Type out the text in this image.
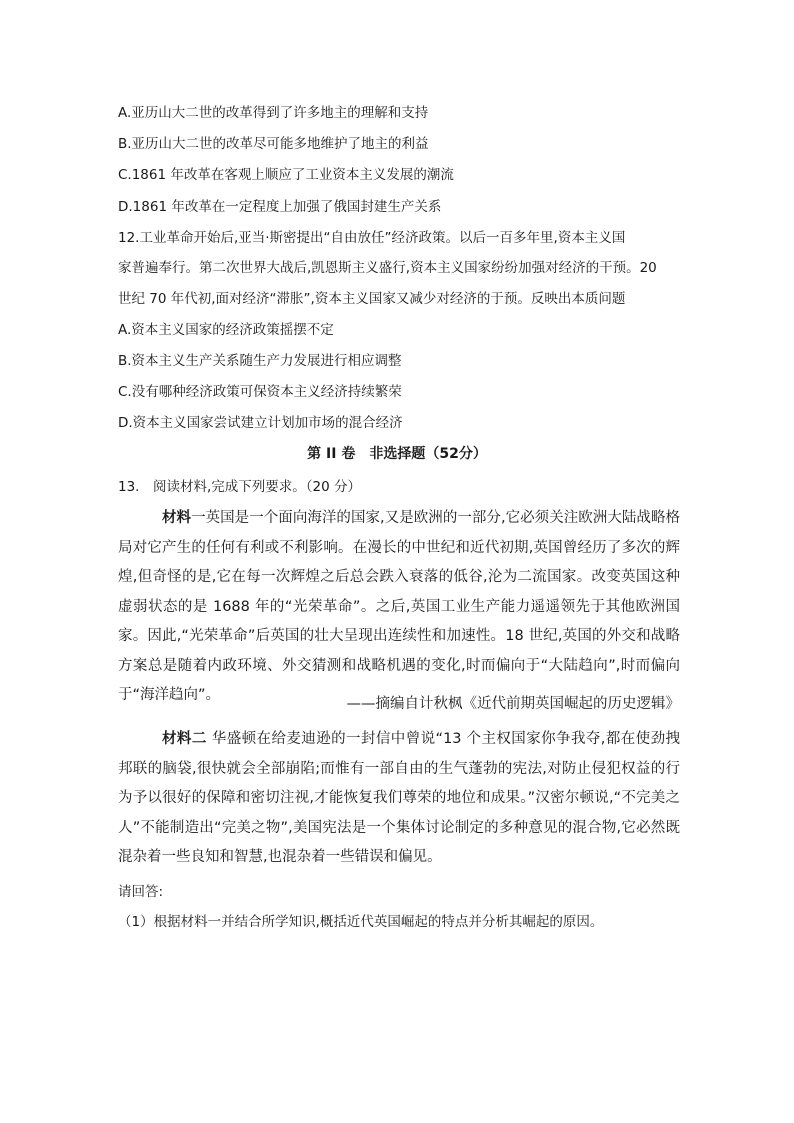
A.亚历山大二世的改革得到了许多地主的理解和支持
B.亚历山大二世的改革尽可能多地维护了地主的利益
C.1861 年改革在客观上顺应了工业资本主义发展的潮流
D.1861 年改革在一定程度上加强了俄国封建生产关系
12.工业革命开始后,亚当·斯密提出“自由放任”经济政策。以后一百多年里,资本主义国
家普遍奉行。第二次世界大战后,凯恩斯主义盛行,资本主义国家纷纷加强对经济的干预。20
世纪 70 年代初,面对经济“滞胀”,资本主义国家又减少对经济的于预。反映出本质问题
A.资本主义国家的经济政策摇摆不定
B.资本主义生产关系随生产力发展进行相应调整
C.没有哪种经济政策可保资本主义经济持续繁荣
D.资本主义国家尝试建立计划加市场的混合经济
第 II 卷　非选择题（52分）
13.　阅读材料,完成下列要求。（20 分）

材料一英国是一个面向海洋的国家,又是欧洲的一部分,它必须关注欧洲大陆战略格局对它产生的任何有利或不利影响。在漫长的中世纪和近代初期,英国曾经历了多次的辉煌,但奇怪的是,它在每一次辉煌之后总会跌入衰落的低谷,沦为二流国家。改变英国这种虚弱状态的是 1688 年的“光荣革命”。之后,英国工业生产能力遥遥领先于其他欧洲国家。因此,“光荣革命”后英国的壮大呈现出连续性和加速性。18 世纪,英国的外交和战略方案总是随着内政环境、外交猜测和战略机遇的变化,时而偏向于“大陆趋向”,时而偏向于“海洋趋向”。

——摘编自计秋枫《近代前期英国崛起的历史逻辑》

材料二 华盛顿在给麦迪逊的一封信中曾说“13 个主权国家你争我夺,都在使劲拽邦联的脑袋,很快就会全部崩陷;而惟有一部自由的生气蓬勃的宪法,对防止侵犯权益的行为予以很好的保障和密切注视,才能恢复我们尊荣的地位和成果。”汉密尔顿说,“不完美之人”不能制造出“完美之物”,美国宪法是一个集体讨论制定的多种意见的混合物,它必然既混杂着一些良知和智慧,也混杂着一些错误和偏见。

请回答:
（1）根据材料一并结合所学知识,概括近代英国崛起的特点并分析其崛起的原因。
